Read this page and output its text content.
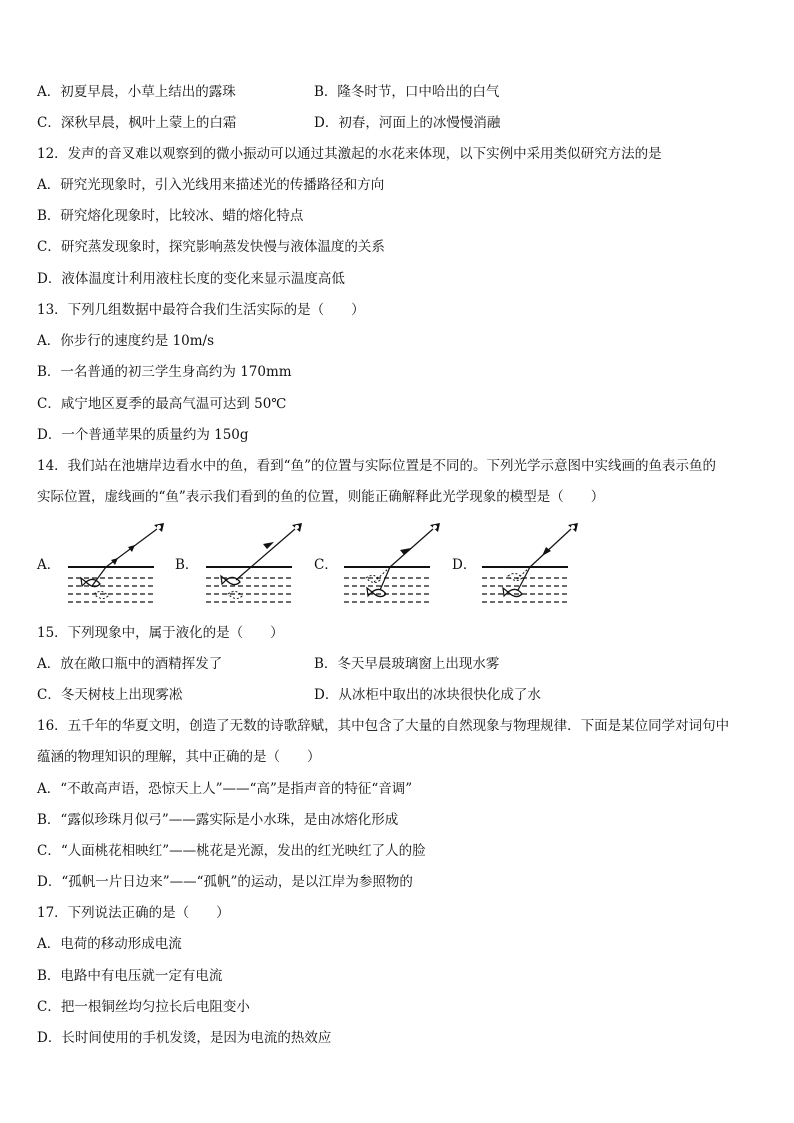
A．初夏早晨，小草上结出的露珠	B．隆冬时节，口中哈出的白气
C．深秋早晨，枫叶上蒙上的白霜	D．初春，河面上的冰慢慢消融
12．发声的音叉难以观察到的微小振动可以通过其激起的水花来体现，以下实例中采用类似研究方法的是
A．研究光现象时，引入光线用来描述光的传播路径和方向
B．研究熔化现象时，比较冰、蜡的熔化特点
C．研究蒸发现象时，探究影响蒸发快慢与液体温度的关系
D．液体温度计利用液柱长度的变化来显示温度高低
13．下列几组数据中最符合我们生活实际的是（　　）
A．你步行的速度约是 10m/s
B．一名普通的初三学生身高约为 170mm
C．咸宁地区夏季的最高气温可达到 50℃
D．一个普通苹果的质量约为 150g
14．我们站在池塘岸边看水中的鱼，看到“鱼”的位置与实际位置是不同的。下列光学示意图中实线画的鱼表示鱼的
实际位置，虚线画的“鱼”表示我们看到的鱼的位置，则能正确解释此光学现象的模型是（　　）
A．	B．	C．	D．
15．下列现象中，属于液化的是（　　）
A．放在敞口瓶中的酒精挥发了	B．冬天早晨玻璃窗上出现水雾
C．冬天树枝上出现雾凇	D．从冰柜中取出的冰块很快化成了水
16．五千年的华夏文明，创造了无数的诗歌辞赋，其中包含了大量的自然现象与物理规律．下面是某位同学对词句中
蕴涵的物理知识的理解，其中正确的是（　　）
A．“不敢高声语，恐惊天上人”——“高”是指声音的特征“音调”
B．“露似珍珠月似弓”——露实际是小水珠，是由冰熔化形成
C．“人面桃花相映红”——桃花是光源，发出的红光映红了人的脸
D．“孤帆一片日边来”——“孤帆”的运动，是以江岸为参照物的
17．下列说法正确的是（　　）
A．电荷的移动形成电流
B．电路中有电压就一定有电流
C．把一根铜丝均匀拉长后电阻变小
D．长时间使用的手机发烫，是因为电流的热效应
